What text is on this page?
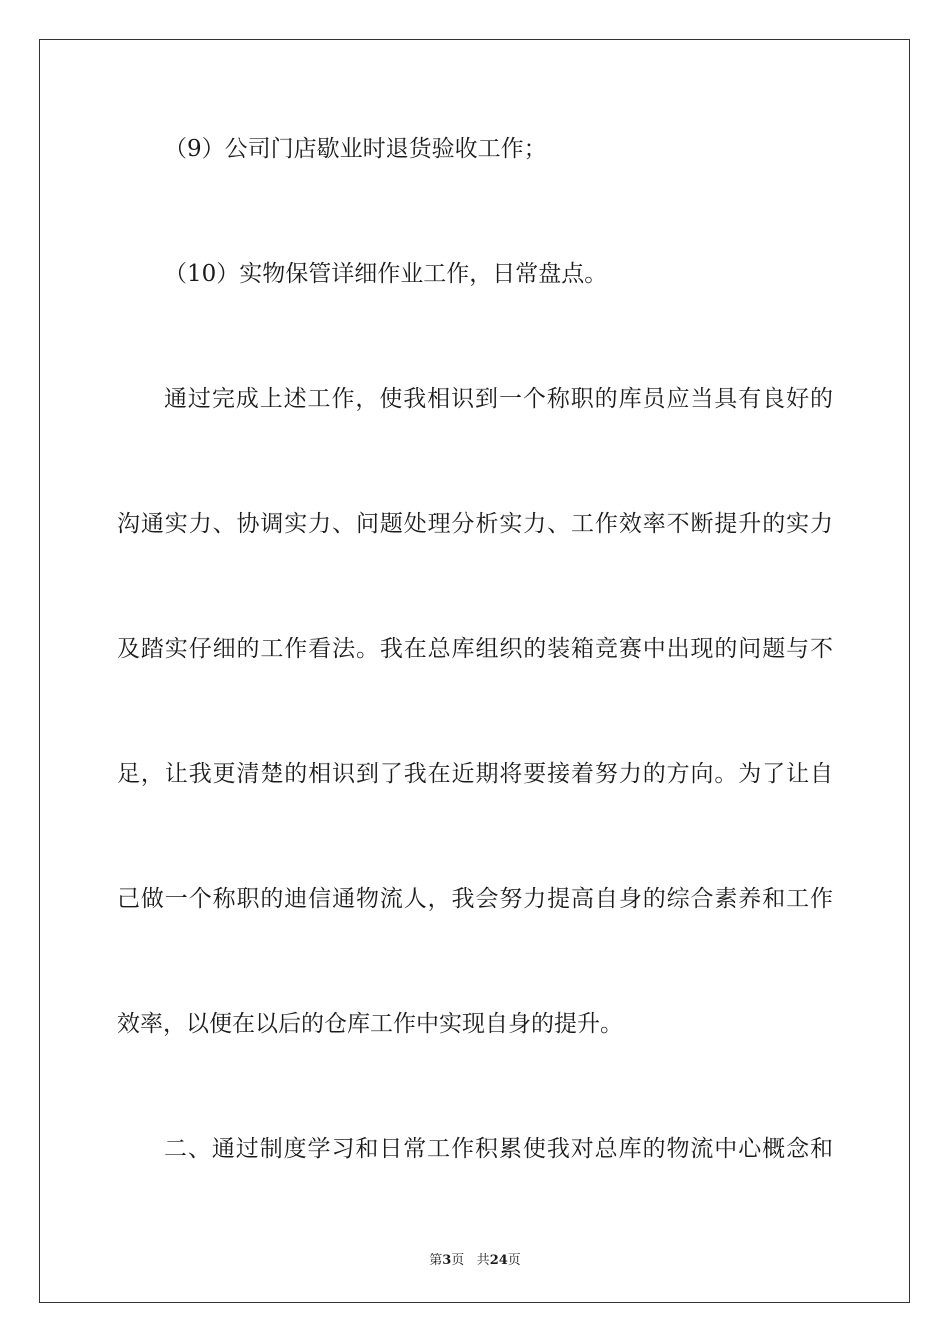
（9）公司门店歇业时退货验收工作；
（10）实物保管详细作业工作，日常盘点。
通过完成上述工作，使我相识到一个称职的库员应当具有良好的
沟通实力、协调实力、问题处理分析实力、工作效率不断提升的实力
及踏实仔细的工作看法。我在总库组织的装箱竞赛中出现的问题与不
足，让我更清楚的相识到了我在近期将要接着努力的方向。为了让自
己做一个称职的迪信通物流人，我会努力提高自身的综合素养和工作
效率，以便在以后的仓库工作中实现自身的提升。
二、通过制度学习和日常工作积累使我对总库的物流中心概念和
第3页 共24页
